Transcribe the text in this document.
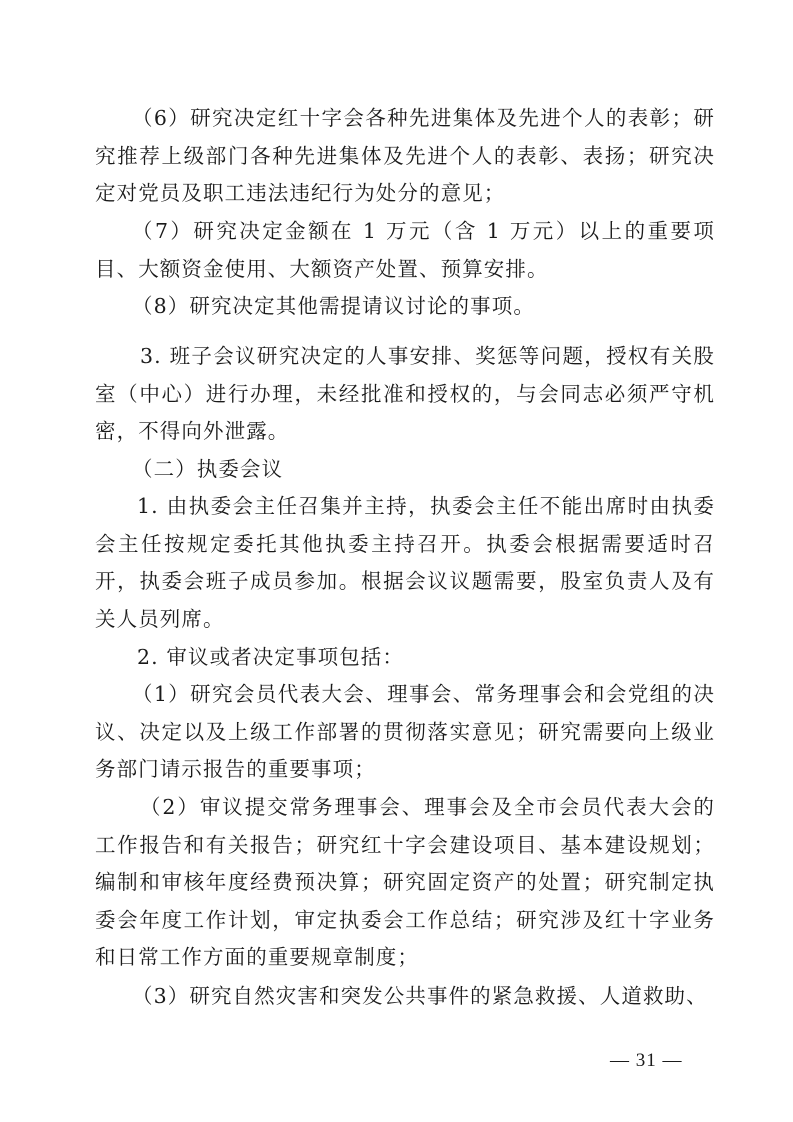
（6）研究决定红十字会各种先进集体及先进个人的表彰；研究推荐上级部门各种先进集体及先进个人的表彰、表扬；研究决定对党员及职工违法违纪行为处分的意见；

（7）研究决定金额在 1 万元（含 1 万元）以上的重要项目、大额资金使用、大额资产处置、预算安排。

（8）研究决定其他需提请议讨论的事项。

3. 班子会议研究决定的人事安排、奖惩等问题，授权有关股室（中心）进行办理，未经批准和授权的，与会同志必须严守机密，不得向外泄露。

（二）执委会议

1. 由执委会主任召集并主持，执委会主任不能出席时由执委会主任按规定委托其他执委主持召开。执委会根据需要适时召开，执委会班子成员参加。根据会议议题需要，股室负责人及有关人员列席。

2. 审议或者决定事项包括：

（1）研究会员代表大会、理事会、常务理事会和会党组的决议、决定以及上级工作部署的贯彻落实意见；研究需要向上级业务部门请示报告的重要事项；

（2）审议提交常务理事会、理事会及全市会员代表大会的工作报告和有关报告；研究红十字会建设项目、基本建设规划；编制和审核年度经费预决算；研究固定资产的处置；研究制定执委会年度工作计划，审定执委会工作总结；研究涉及红十字业务和日常工作方面的重要规章制度；

（3）研究自然灾害和突发公共事件的紧急救援、人道救助、

— 31 —
